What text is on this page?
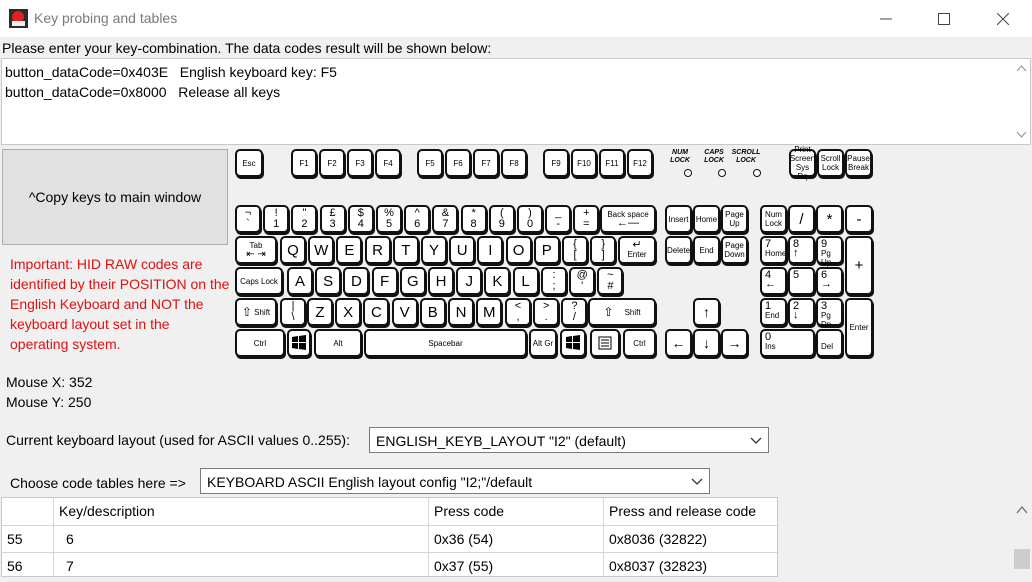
Key probing and tables
Please enter your key-combination. The data codes result will be shown below:
button_dataCode=0x403E   English keyboard key: F5
button_dataCode=0x8000   Release all keys
^Copy keys to main window
Important: HID RAW codes are identified by their POSITION on the English Keyboard and NOT the keyboard layout set in the operating system.
Mouse X: 352
Mouse Y: 250
Current keyboard layout (used for ASCII values 0..255):	ENGLISH_KEYB_LAYOUT "I2" (default)
Choose code tables here =>	KEYBOARD ASCII English layout config "I2;"/default
Esc	F1	F2	F3	F4	F5	F6	F7	F8	F9	F10	F11	F12
NUM LOCK
CAPS LOCK
SCROLL LOCK
Print Screen Sys Rq
Scroll Lock
Pause Break
¬
`
!
1
"
2
£
3
$
4
%
5
^
6
&
7
*
8
(
9
)
0
_
-
+
=
Back space
←—	Insert Home Page Up
Delete	End	Page Down
Tab
⇤ ⇥	Q	W	E	R	T	Y	U	I	O	P	{
[
}
]
↵
Enter
Caps Lock	A	S	D	F	G	H	J	K	L	:
;
@
'
~
#
⇧ Shift	|
\	Z	X	C	V	B	N	M	<
,
>
.
?
/ ⇧ Shift
Ctrl	Alt	Spacebar	Alt Gr	Ctrl
↑
← ↓ →
Num Lock	/	*	-
7
Home
8
↑
9
Pg Up	+
4
←
5 6
→
1
End
2
↓
3
Pg Dn	Enter
0
Ins	Del
Key/description	Press code	Press and release code
55	6	0x36 (54)	0x8036 (32822)
56	7	0x37 (55)	0x8037 (32823)
